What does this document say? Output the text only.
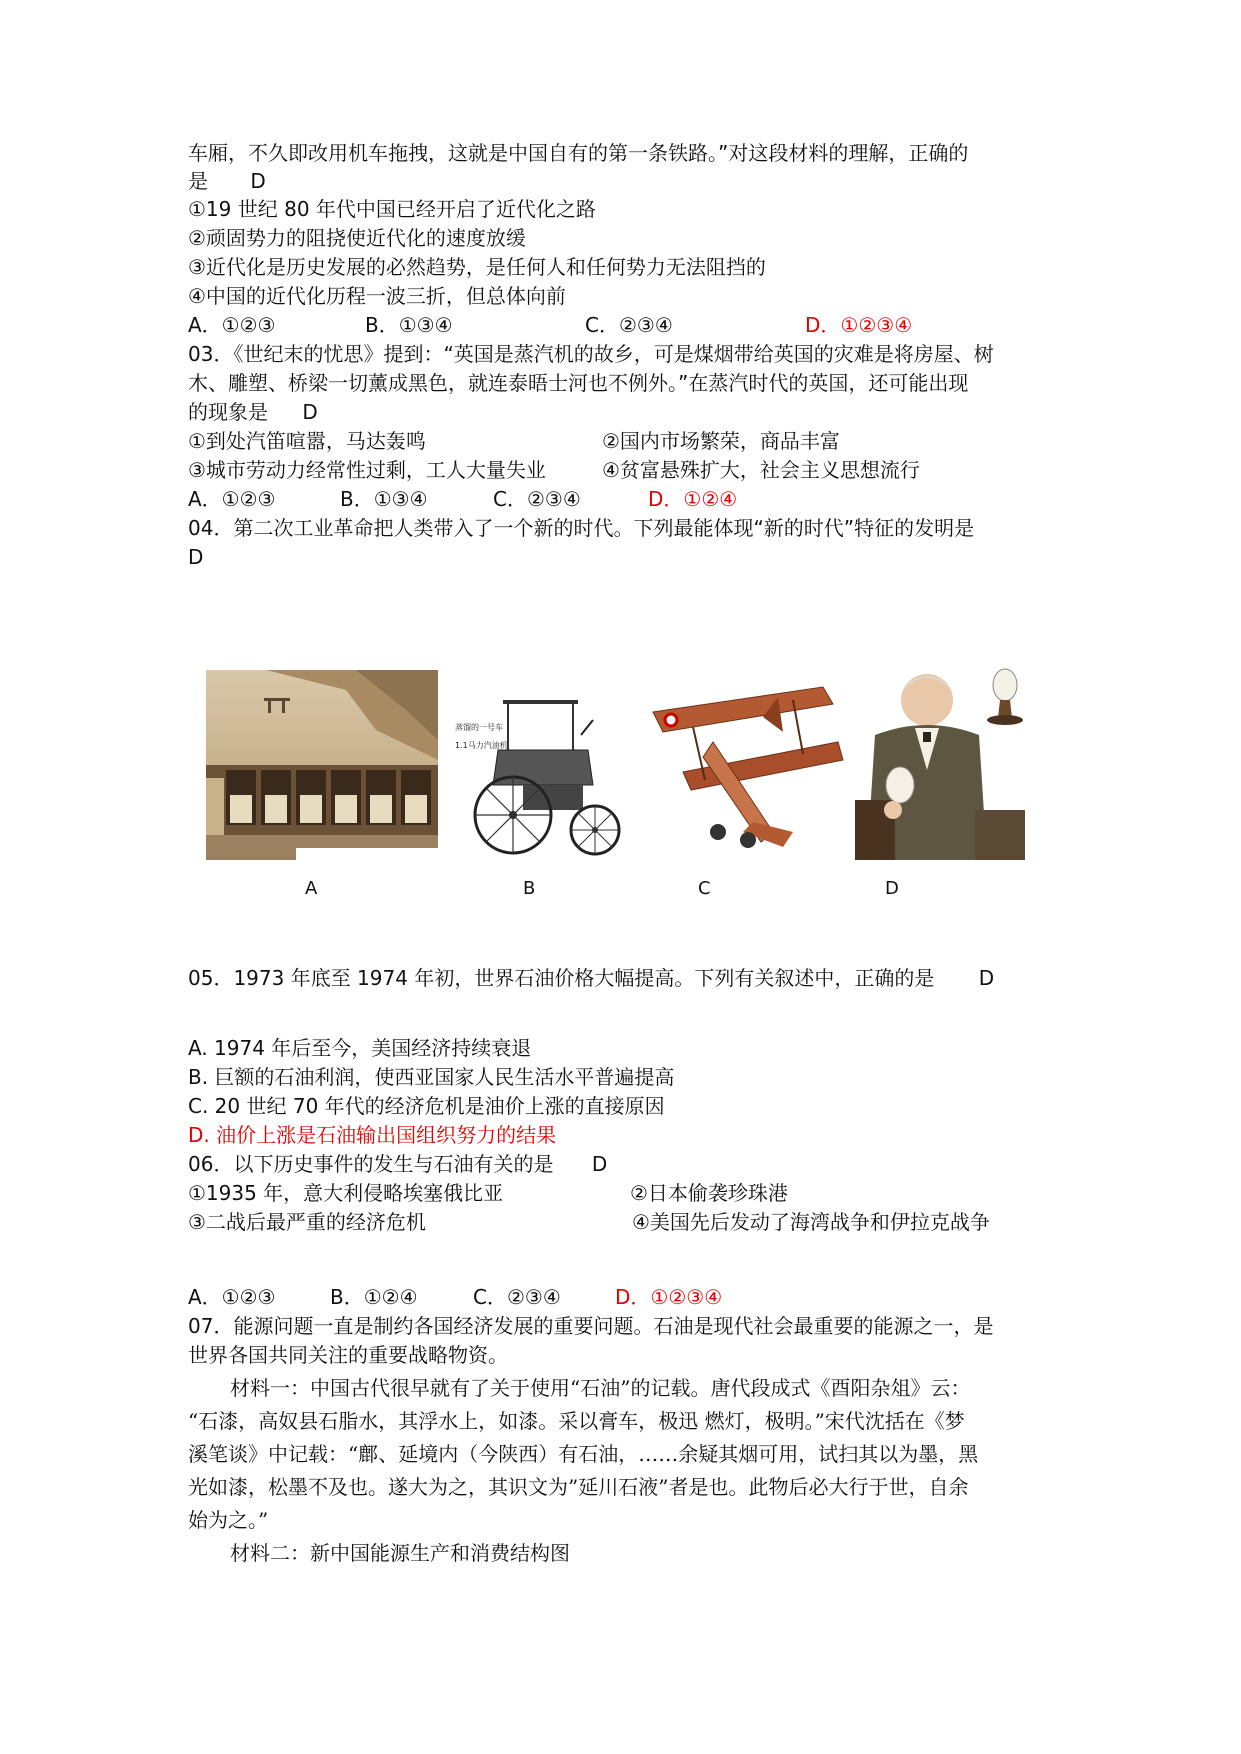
车厢，不久即改用机车拖拽，这就是中国自有的第一条铁路。”对这段材料的理解，正确的
是 D
①19 世纪 80 年代中国已经开启了近代化之路
②顽固势力的阻挠使近代化的速度放缓
③近代化是历史发展的必然趋势，是任何人和任何势力无法阻挡的
④中国的近代化历程一波三折，但总体向前
A．①②③	B．①③④	C．②③④	D．①②③④
03．《世纪末的忧思》提到：“英国是蒸汽机的故乡，可是煤烟带给英国的灾难是将房屋、树
木、雕塑、桥梁一切薰成黑色，就连泰晤士河也不例外。”在蒸汽时代的英国，还可能出现
的现象是 D
①到处汽笛喧嚣，马达轰鸣	②国内市场繁荣，商品丰富
③城市劳动力经常性过剩，工人大量失业	④贫富悬殊扩大，社会主义思想流行
A．①②③	B．①③④	C．②③④	D．①②④
04．第二次工业革命把人类带入了一个新的时代。下列最能体现“新的时代”特征的发明是
D
蒸馏的一号车
1.1马力汽油机
A	B	C	D
05．1973 年底至 1974 年初，世界石油价格大幅提高。下列有关叙述中，正确的是 D
A. 1974 年后至今，美国经济持续衰退
B. 巨额的石油利润，使西亚国家人民生活水平普遍提高
C. 20 世纪 70 年代的经济危机是油价上涨的直接原因
D. 油价上涨是石油输出国组织努力的结果
06．以下历史事件的发生与石油有关的是 D
①1935 年，意大利侵略埃塞俄比亚	②日本偷袭珍珠港
③二战后最严重的经济危机	④美国先后发动了海湾战争和伊拉克战争
A．①②③	B．①②④	C．②③④	D．①②③④
07．能源问题一直是制约各国经济发展的重要问题。石油是现代社会最重要的能源之一，是
世界各国共同关注的重要战略物资。
材料一：中国古代很早就有了关于使用“石油”的记载。唐代段成式《酉阳杂俎》云：
“石漆，高奴县石脂水，其浮水上，如漆。采以膏车，极迅 燃灯，极明。”宋代沈括在《梦
溪笔谈》中记载：“鄜、延境内（今陕西）有石油，……余疑其烟可用，试扫其以为墨，黑
光如漆，松墨不及也。遂大为之，其识文为”延川石液”者是也。此物后必大行于世，自余
始为之。”
材料二：新中国能源生产和消费结构图
